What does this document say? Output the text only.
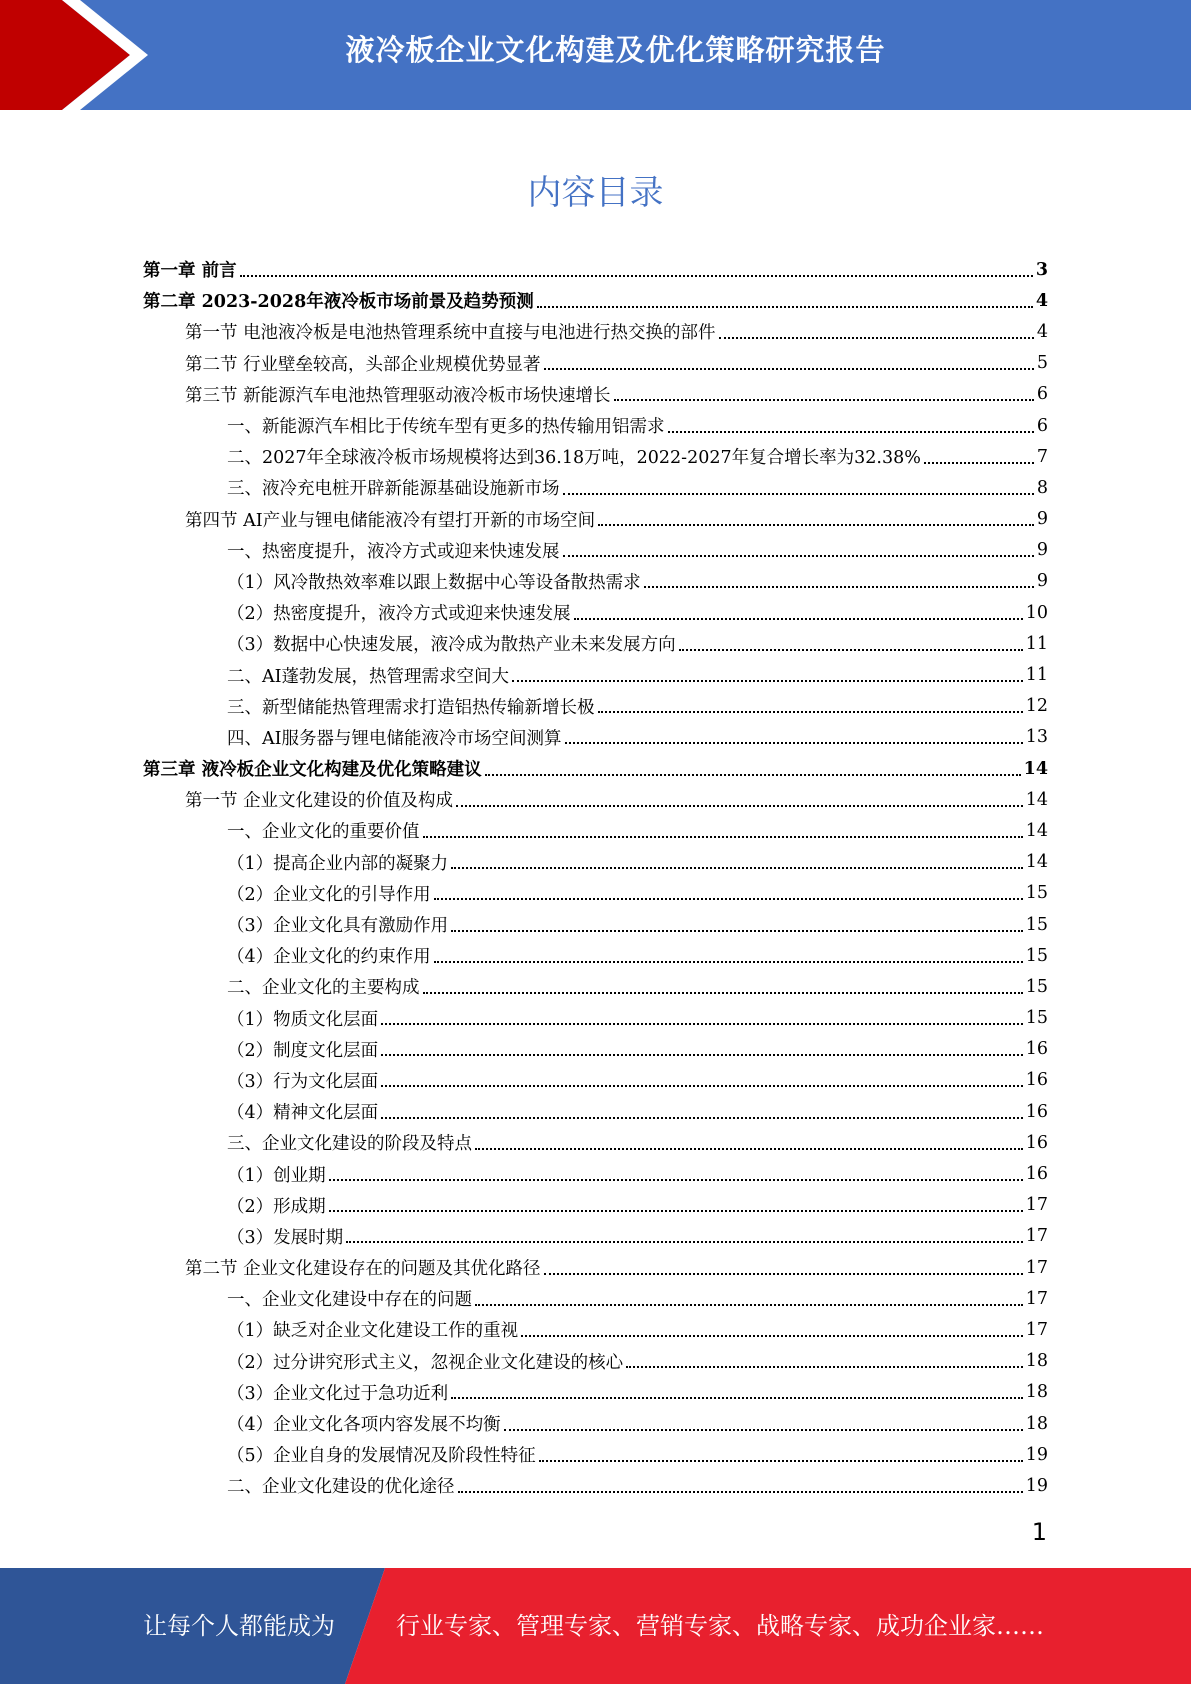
液冷板企业文化构建及优化策略研究报告
内容目录
第一章 前言	3
第二章 2023-2028年液冷板市场前景及趋势预测	4
第一节 电池液冷板是电池热管理系统中直接与电池进行热交换的部件	4
第二节 行业壁垒较高，头部企业规模优势显著	5
第三节 新能源汽车电池热管理驱动液冷板市场快速增长	6
一、新能源汽车相比于传统车型有更多的热传输用铝需求	6
二、2027年全球液冷板市场规模将达到36.18万吨，2022-2027年复合增长率为32.38%	7
三、液冷充电桩开辟新能源基础设施新市场	8
第四节 AI产业与锂电储能液冷有望打开新的市场空间	9
一、热密度提升，液冷方式或迎来快速发展	9
（1）风冷散热效率难以跟上数据中心等设备散热需求	9
（2）热密度提升，液冷方式或迎来快速发展	10
（3）数据中心快速发展，液冷成为散热产业未来发展方向	11
二、AI蓬勃发展，热管理需求空间大	11
三、新型储能热管理需求打造铝热传输新增长极	12
四、AI服务器与锂电储能液冷市场空间测算	13
第三章 液冷板企业文化构建及优化策略建议	14
第一节 企业文化建设的价值及构成	14
一、企业文化的重要价值	14
（1）提高企业内部的凝聚力	14
（2）企业文化的引导作用	15
（3）企业文化具有激励作用	15
（4）企业文化的约束作用	15
二、企业文化的主要构成	15
（1）物质文化层面	15
（2）制度文化层面	16
（3）行为文化层面	16
（4）精神文化层面	16
三、企业文化建设的阶段及特点	16
（1）创业期	16
（2）形成期	17
（3）发展时期	17
第二节 企业文化建设存在的问题及其优化路径	17
一、企业文化建设中存在的问题	17
（1）缺乏对企业文化建设工作的重视	17
（2）过分讲究形式主义，忽视企业文化建设的核心	18
（3）企业文化过于急功近利	18
（4）企业文化各项内容发展不均衡	18
（5）企业自身的发展情况及阶段性特征	19
二、企业文化建设的优化途径	19
1
让每个人都能成为	行业专家、管理专家、营销专家、战略专家、成功企业家……
